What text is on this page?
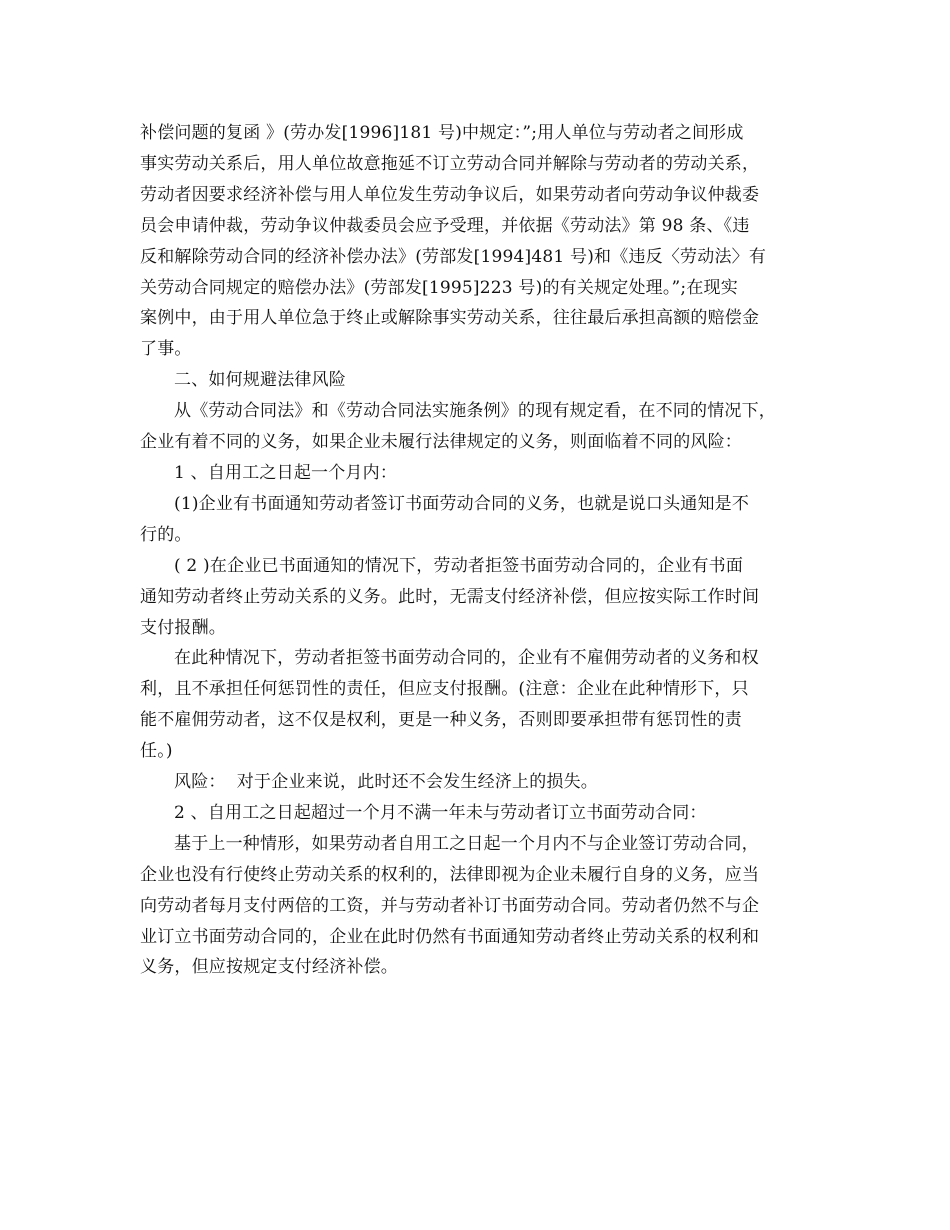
补偿问题的复函 》(劳办发[1996]181 号)中规定：”;用人单位与劳动者之间形成
事实劳动关系后，用人单位故意拖延不订立劳动合同并解除与劳动者的劳动关系，
劳动者因要求经济补偿与用人单位发生劳动争议后，如果劳动者向劳动争议仲裁委
员会申请仲裁，劳动争议仲裁委员会应予受理，并依据《劳动法》第 98 条、《违
反和解除劳动合同的经济补偿办法》(劳部发[1994]481 号)和《违反〈劳动法〉有
关劳动合同规定的赔偿办法》(劳部发[1995]223 号)的有关规定处理。”;在现实
案例中，由于用人单位急于终止或解除事实劳动关系，往往最后承担高额的赔偿金
了事。

二、如何规避法律风险

从《劳动合同法》和《劳动合同法实施条例》的现有规定看，在不同的情况下，
企业有着不同的义务，如果企业未履行法律规定的义务，则面临着不同的风险：

1 、自用工之日起一个月内：

(1)企业有书面通知劳动者签订书面劳动合同的义务，也就是说口头通知是不
行的。

( 2 )在企业已书面通知的情况下，劳动者拒签书面劳动合同的，企业有书面
通知劳动者终止劳动关系的义务。此时，无需支付经济补偿，但应按实际工作时间
支付报酬。

在此种情况下，劳动者拒签书面劳动合同的，企业有不雇佣劳动者的义务和权
利，且不承担任何惩罚性的责任，但应支付报酬。(注意：企业在此种情形下，只
能不雇佣劳动者，这不仅是权利，更是一种义务，否则即要承担带有惩罚性的责
任。)

风险：  对于企业来说，此时还不会发生经济上的损失。

2 、自用工之日起超过一个月不满一年未与劳动者订立书面劳动合同：

基于上一种情形，如果劳动者自用工之日起一个月内不与企业签订劳动合同，
企业也没有行使终止劳动关系的权利的，法律即视为企业未履行自身的义务，应当
向劳动者每月支付两倍的工资，并与劳动者补订书面劳动合同。劳动者仍然不与企
业订立书面劳动合同的，企业在此时仍然有书面通知劳动者终止劳动关系的权利和
义务，但应按规定支付经济补偿。
